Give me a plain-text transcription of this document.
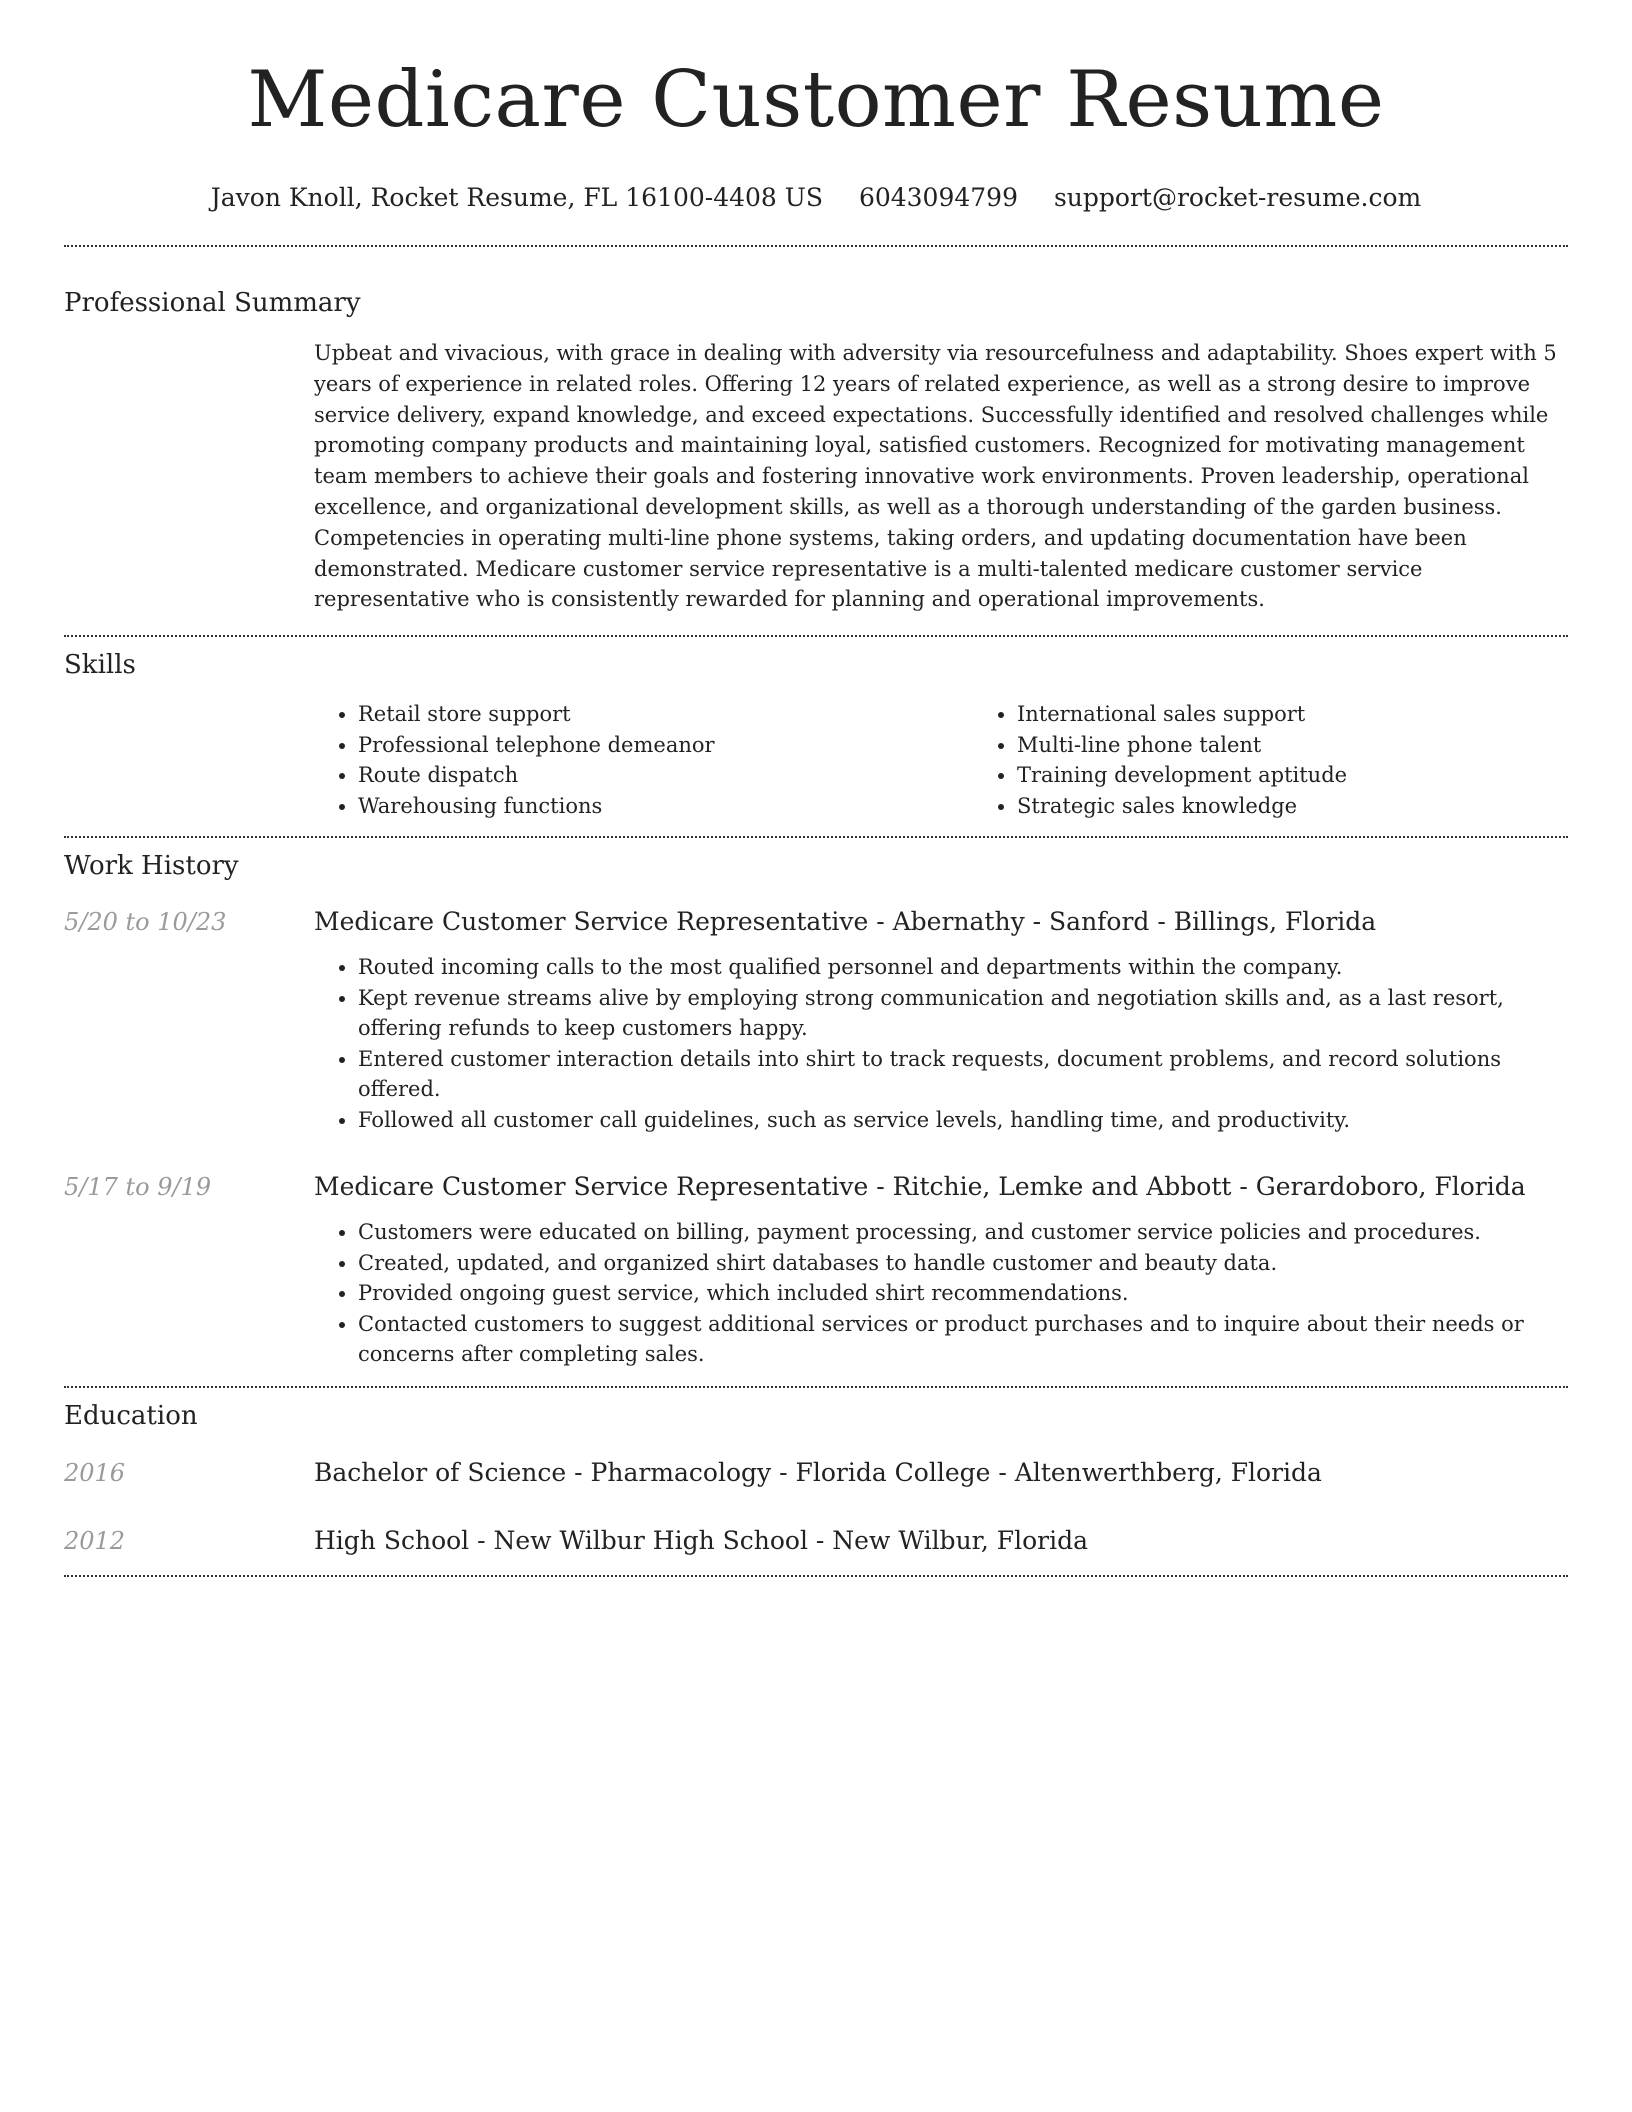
Medicare Customer Resume
Javon Knoll, Rocket Resume, FL 16100-4408 US 6043094799 support@rocket-resume.com
Professional Summary

Upbeat and vivacious, with grace in dealing with adversity via resourcefulness and adaptability. Shoes expert with 5 years of experience in related roles. Offering 12 years of related experience, as well as a strong desire to improve service delivery, expand knowledge, and exceed expectations. Successfully identified and resolved challenges while promoting company products and maintaining loyal, satisfied customers. Recognized for motivating management team members to achieve their goals and fostering innovative work environments. Proven leadership, operational excellence, and organizational development skills, as well as a thorough understanding of the garden business. Competencies in operating multi-line phone systems, taking orders, and updating documentation have been demonstrated. Medicare customer service representative is a multi-talented medicare customer service representative who is consistently rewarded for planning and operational improvements.

Skills
• Retail store support
• Professional telephone demeanor
• Route dispatch
• Warehousing functions
• International sales support
• Multi-line phone talent
• Training development aptitude
• Strategic sales knowledge
Work History
5/20 to 10/23	Medicare Customer Service Representative - Abernathy - Sanford - Billings, Florida
• Routed incoming calls to the most qualified personnel and departments within the company.
• Kept revenue streams alive by employing strong communication and negotiation skills and, as a last resort, offering refunds to keep customers happy.
• Entered customer interaction details into shirt to track requests, document problems, and record solutions offered.
• Followed all customer call guidelines, such as service levels, handling time, and productivity.
5/17 to 9/19	Medicare Customer Service Representative - Ritchie, Lemke and Abbott - Gerardoboro, Florida
• Customers were educated on billing, payment processing, and customer service policies and procedures.
• Created, updated, and organized shirt databases to handle customer and beauty data.
• Provided ongoing guest service, which included shirt recommendations.
• Contacted customers to suggest additional services or product purchases and to inquire about their needs or concerns after completing sales.
Education
2016	Bachelor of Science - Pharmacology - Florida College - Altenwerthberg, Florida
2012	High School - New Wilbur High School - New Wilbur, Florida
